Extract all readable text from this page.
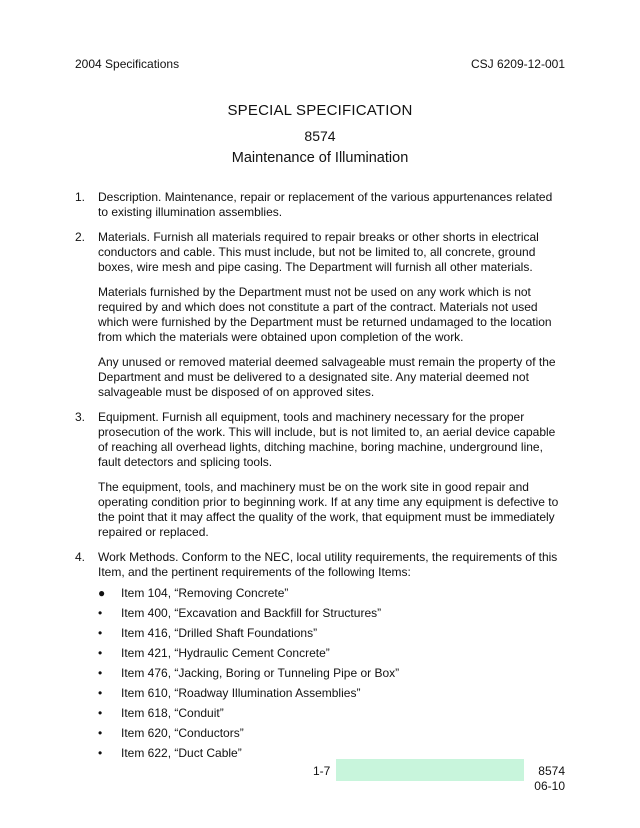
2004 Specifications	CSJ 6209-12-001
SPECIAL SPECIFICATION
8574
Maintenance of Illumination
1. Description. Maintenance, repair or replacement of the various appurtenances related to existing illumination assemblies.
2. Materials. Furnish all materials required to repair breaks or other shorts in electrical conductors and cable. This must include, but not be limited to, all concrete, ground boxes, wire mesh and pipe casing. The Department will furnish all other materials.
Materials furnished by the Department must not be used on any work which is not required by and which does not constitute a part of the contract. Materials not used which were furnished by the Department must be returned undamaged to the location from which the materials were obtained upon completion of the work.
Any unused or removed material deemed salvageable must remain the property of the Department and must be delivered to a designated site. Any material deemed not salvageable must be disposed of on approved sites.
3. Equipment. Furnish all equipment, tools and machinery necessary for the proper prosecution of the work. This will include, but is not limited to, an aerial device capable of reaching all overhead lights, ditching machine, boring machine, underground line, fault detectors and splicing tools.
The equipment, tools, and machinery must be on the work site in good repair and operating condition prior to beginning work. If at any time any equipment is defective to the point that it may affect the quality of the work, that equipment must be immediately repaired or replaced.
4. Work Methods. Conform to the NEC, local utility requirements, the requirements of this Item, and the pertinent requirements of the following Items:
● Item 104, “Removing Concrete”
• Item 400, “Excavation and Backfill for Structures”
• Item 416, “Drilled Shaft Foundations”
• Item 421, “Hydraulic Cement Concrete”
• Item 476, “Jacking, Boring or Tunneling Pipe or Box”
• Item 610, “Roadway Illumination Assemblies”
• Item 618, “Conduit”
• Item 620, “Conductors”
• Item 622, “Duct Cable”
1-7	8574
06-10
